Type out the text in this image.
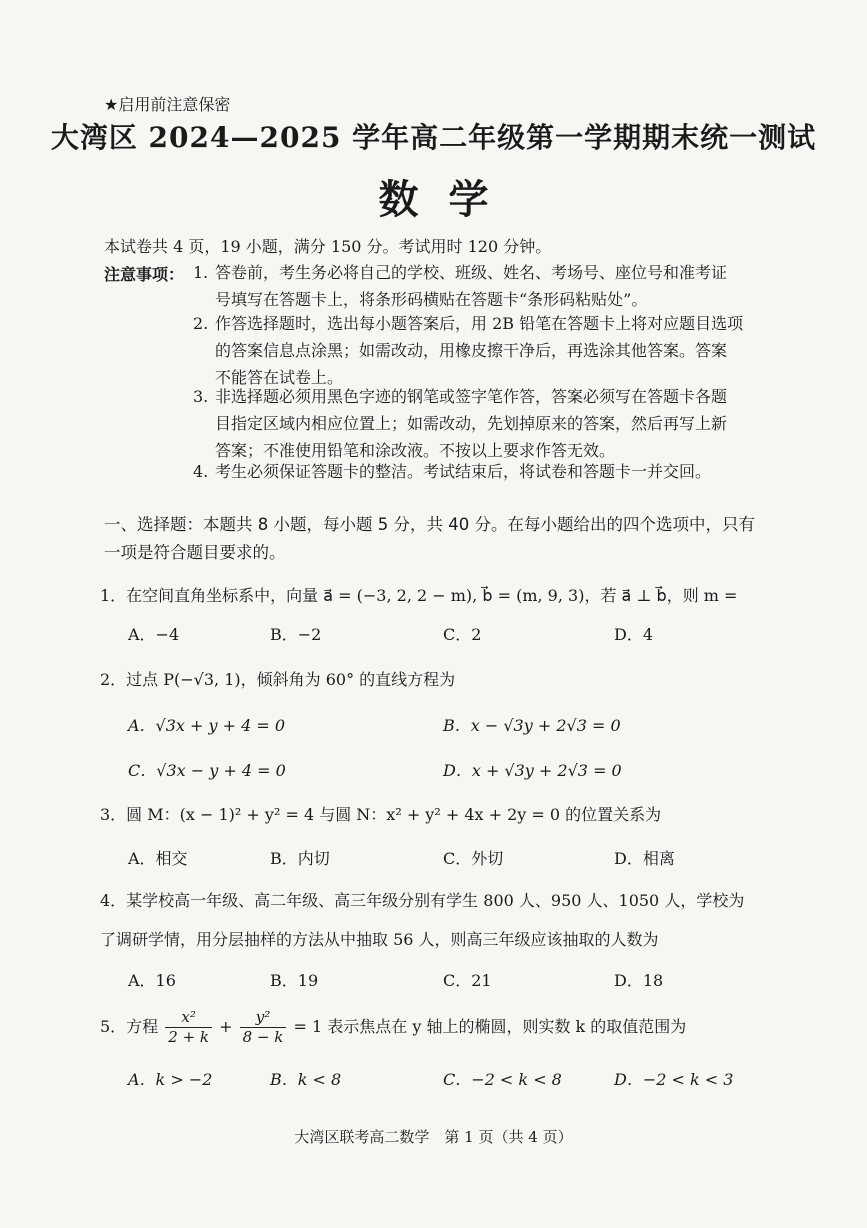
★启用前注意保密
大湾区 2024—2025 学年高二年级第一学期期末统一测试
数学
本试卷共 4 页，19 小题，满分 150 分。考试用时 120 分钟。
注意事项： 1. 答卷前，考生务必将自己的学校、班级、姓名、考场号、座位号和准考证
号填写在答题卡上，将条形码横贴在答题卡“条形码粘贴处”。
2. 作答选择题时，选出每小题答案后，用 2B 铅笔在答题卡上将对应题目选项
的答案信息点涂黑；如需改动，用橡皮擦干净后，再选涂其他答案。答案
不能答在试卷上。
3. 非选择题必须用黑色字迹的钢笔或签字笔作答，答案必须写在答题卡各题
目指定区域内相应位置上；如需改动，先划掉原来的答案，然后再写上新
答案；不准使用铅笔和涂改液。不按以上要求作答无效。
4. 考生必须保证答题卡的整洁。考试结束后，将试卷和答题卡一并交回。
一、选择题：本题共 8 小题，每小题 5 分，共 40 分。在每小题给出的四个选项中，只有
一项是符合题目要求的。
1．在空间直角坐标系中，向量 a⃗ = (−3, 2, 2 − m), b⃗ = (m, 9, 3)，若 a⃗ ⊥ b⃗，则 m =
A．−4	B．−2	C．2	D．4
2．过点 P(−√3, 1)，倾斜角为 60° 的直线方程为
A．√3x + y + 4 = 0	B．x − √3y + 2√3 = 0
C．√3x − y + 4 = 0	D．x + √3y + 2√3 = 0
3．圆 M：(x − 1)² + y² = 4 与圆 N：x² + y² + 4x + 2y = 0 的位置关系为
A．相交	B．内切	C．外切	D．相离
4．某学校高一年级、高二年级、高三年级分别有学生 800 人、950 人、1050 人，学校为
了调研学情，用分层抽样的方法从中抽取 56 人，则高三年级应该抽取的人数为
A．16	B．19	C．21	D．18
5．方程 $\frac{\text{x²}}{2 + k} + \frac{\text{y²}}{8 - k} = 1$ 表示焦点在 y 轴上的椭圆，则实数 k 的取值范围为
A．k > −2	B．k < 8	C．−2 < k < 8	D．−2 < k < 3
大湾区联考高二数学　第 1 页（共 4 页）
